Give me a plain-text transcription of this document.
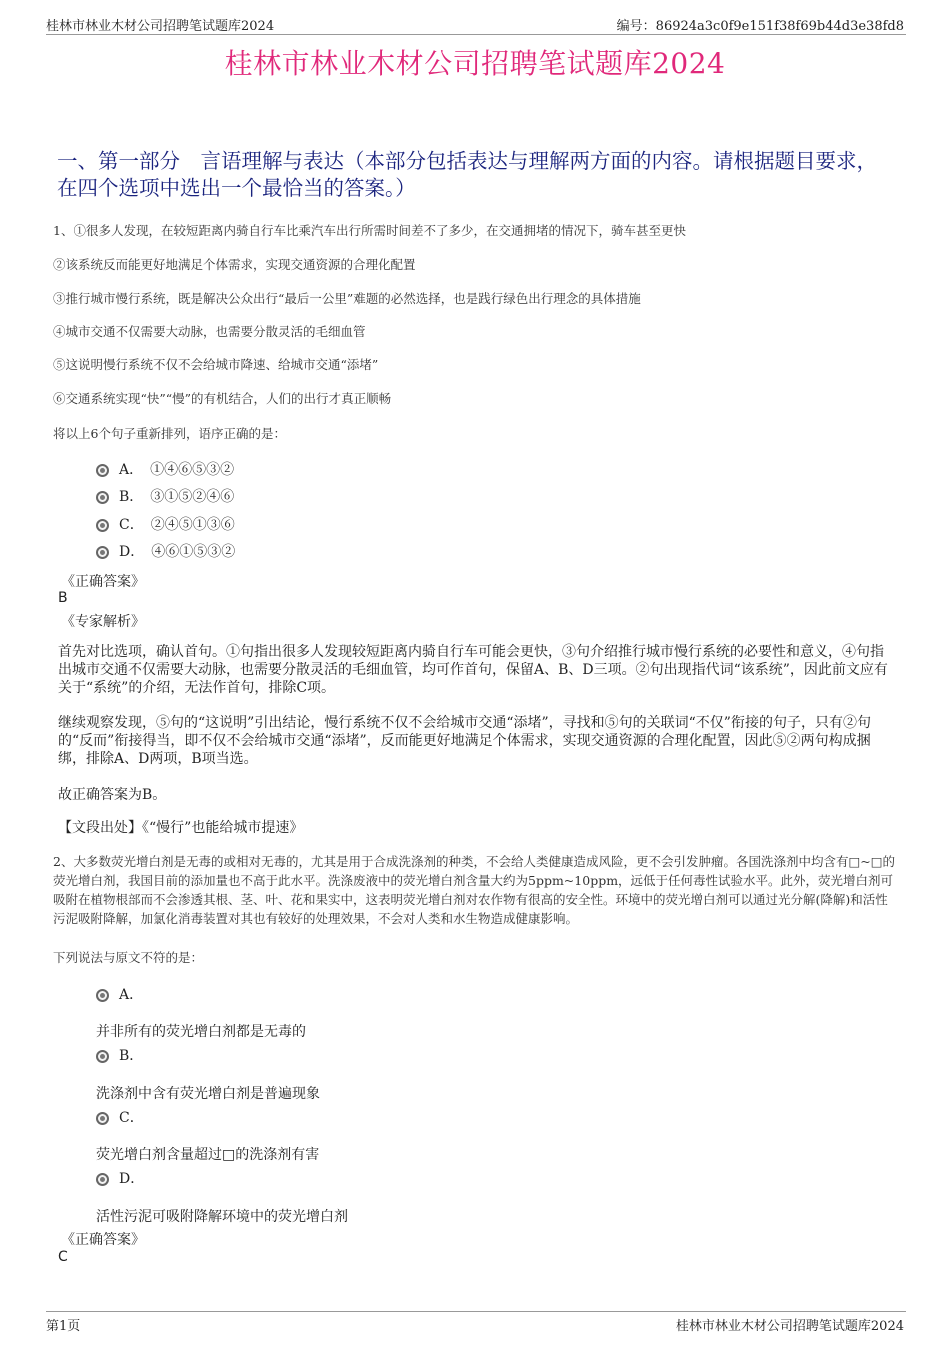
桂林市林业木材公司招聘笔试题库2024	编号：86924a3c0f9e151f38f69b44d3e38fd8
桂林市林业木材公司招聘笔试题库2024
一、第一部分　言语理解与表达（本部分包括表达与理解两方面的内容。请根据题目要求，在四个选项中选出一个最恰当的答案。）
1、①很多人发现，在较短距离内骑自行车比乘汽车出行所需时间差不了多少，在交通拥堵的情况下，骑车甚至更快
②该系统反而能更好地满足个体需求，实现交通资源的合理化配置
③推行城市慢行系统，既是解决公众出行“最后一公里”难题的必然选择，也是践行绿色出行理念的具体措施
④城市交通不仅需要大动脉，也需要分散灵活的毛细血管
⑤这说明慢行系统不仅不会给城市降速、给城市交通“添堵”
⑥交通系统实现“快”“慢”的有机结合，人们的出行才真正顺畅
将以上6个句子重新排列，语序正确的是：
A．　①④⑥⑤③②
B．　③①⑤②④⑥
C．　②④⑤①③⑥
D．　④⑥①⑤③②
《正确答案》
B
《专家解析》
首先对比选项，确认首句。①句指出很多人发现较短距离内骑自行车可能会更快，③句介绍推行城市慢行系统的必要性和意义，④句指出城市交通不仅需要大动脉，也需要分散灵活的毛细血管，均可作首句，保留A、B、D三项。②句出现指代词“该系统”，因此前文应有关于“系统”的介绍，无法作首句，排除C项。
继续观察发现，⑤句的“这说明”引出结论，慢行系统不仅不会给城市交通“添堵”，寻找和⑤句的关联词“不仅”衔接的句子，只有②句的“反而”衔接得当，即不仅不会给城市交通“添堵”，反而能更好地满足个体需求，实现交通资源的合理化配置，因此⑤②两句构成捆绑，排除A、D两项，B项当选。
故正确答案为B。
【文段出处】《“慢行”也能给城市提速》
2、大多数荧光增白剂是无毒的或相对无毒的，尤其是用于合成洗涤剂的种类，不会给人类健康造成风险，更不会引发肿瘤。各国洗涤剂中均含有□~□的荧光增白剂，我国目前的添加量也不高于此水平。洗涤废液中的荧光增白剂含量大约为5ppm~10ppm，远低于任何毒性试验水平。此外，荧光增白剂可吸附在植物根部而不会渗透其根、茎、叶、花和果实中，这表明荧光增白剂对农作物有很高的安全性。环境中的荧光增白剂可以通过光分解(降解)和活性污泥吸附降解，加氯化消毒装置对其也有较好的处理效果，不会对人类和水生物造成健康影响。
下列说法与原文不符的是：
A．
并非所有的荧光增白剂都是无毒的
B．
洗涤剂中含有荧光增白剂是普遍现象
C．
荧光增白剂含量超过□的洗涤剂有害
D．
活性污泥可吸附降解环境中的荧光增白剂
《正确答案》
C
第1页	桂林市林业木材公司招聘笔试题库2024
